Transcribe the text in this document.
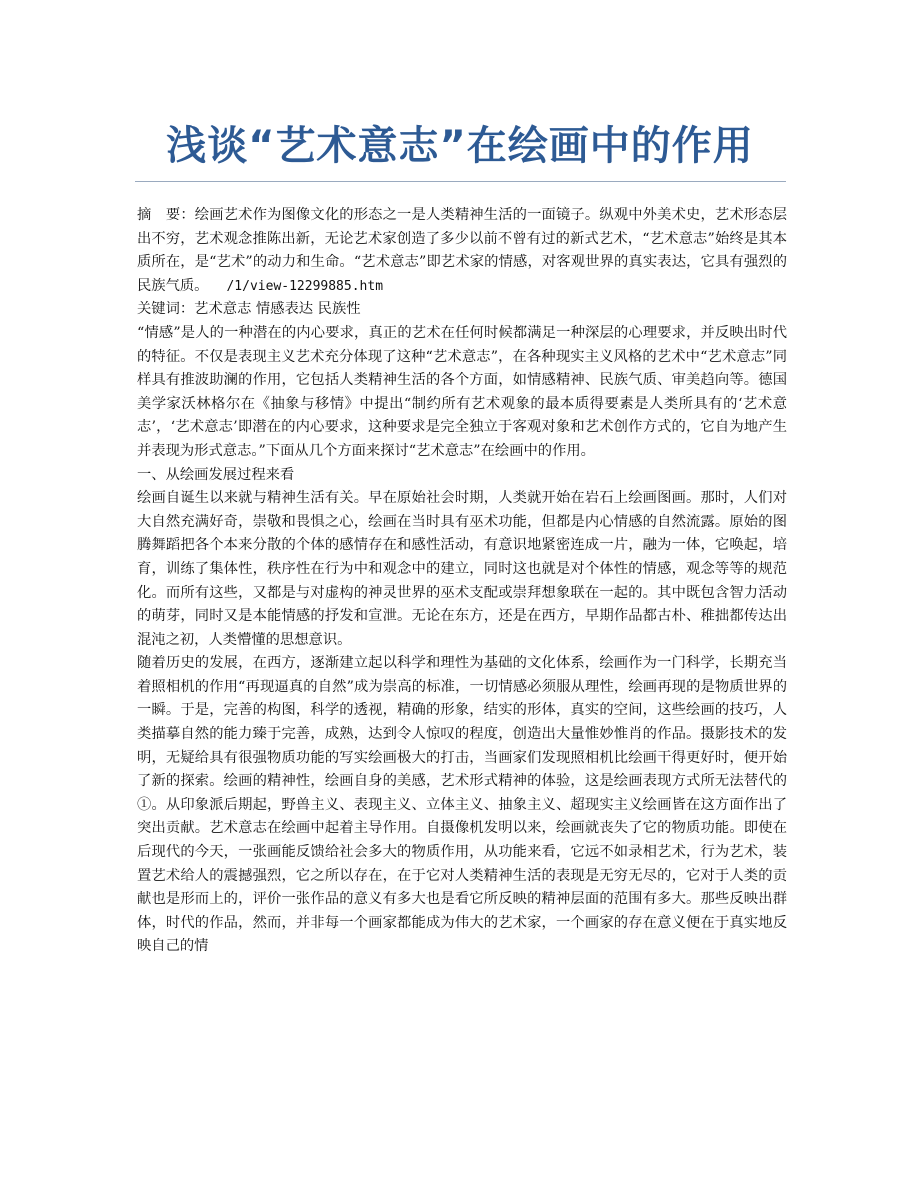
浅谈“艺术意志”在绘画中的作用

摘　要：绘画艺术作为图像文化的形态之一是人类精神生活的一面镜子。纵观中外美术史，艺术形态层出不穷，艺术观念推陈出新，无论艺术家创造了多少以前不曾有过的新式艺术，“艺术意志”始终是其本质所在，是“艺术”的动力和生命。“艺术意志”即艺术家的情感，对客观世界的真实表达，它具有强烈的民族气质。 /1/view-12299885.htm

关键词：艺术意志 情感表达 民族性

“情感”是人的一种潜在的内心要求，真正的艺术在任何时候都满足一种深层的心理要求，并反映出时代的特征。不仅是表现主义艺术充分体现了这种“艺术意志”，在各种现实主义风格的艺术中“艺术意志”同样具有推波助澜的作用，它包括人类精神生活的各个方面，如情感精神、民族气质、审美趋向等。德国美学家沃林格尔在《抽象与移情》中提出“制约所有艺术观象的最本质得要素是人类所具有的‘艺术意志’，‘艺术意志’即潜在的内心要求，这种要求是完全独立于客观对象和艺术创作方式的，它自为地产生并表现为形式意志。”下面从几个方面来探讨“艺术意志”在绘画中的作用。

一、从绘画发展过程来看

绘画自诞生以来就与精神生活有关。早在原始社会时期，人类就开始在岩石上绘画图画。那时，人们对大自然充满好奇，崇敬和畏惧之心，绘画在当时具有巫术功能，但都是内心情感的自然流露。原始的图腾舞蹈把各个本来分散的个体的感情存在和感性活动，有意识地紧密连成一片，融为一体，它唤起，培育，训练了集体性，秩序性在行为中和观念中的建立，同时这也就是对个体性的情感，观念等等的规范化。而所有这些，又都是与对虚构的神灵世界的巫术支配或崇拜想象联在一起的。其中既包含智力活动的萌芽，同时又是本能情感的抒发和宣泄。无论在东方，还是在西方，早期作品都古朴、稚拙都传达出混沌之初，人类懵懂的思想意识。

随着历史的发展，在西方，逐渐建立起以科学和理性为基础的文化体系，绘画作为一门科学，长期充当着照相机的作用“再现逼真的自然”成为崇高的标准，一切情感必须服从理性，绘画再现的是物质世界的一瞬。于是，完善的构图，科学的透视，精确的形象，结实的形体，真实的空间，这些绘画的技巧，人类描摹自然的能力臻于完善，成熟，达到令人惊叹的程度，创造出大量惟妙惟肖的作品。摄影技术的发明，无疑给具有很强物质功能的写实绘画极大的打击，当画家们发现照相机比绘画干得更好时，便开始了新的探索。绘画的精神性，绘画自身的美感，艺术形式精神的体验，这是绘画表现方式所无法替代的①。从印象派后期起，野兽主义、表现主义、立体主义、抽象主义、超现实主义绘画皆在这方面作出了突出贡献。艺术意志在绘画中起着主导作用。自摄像机发明以来，绘画就丧失了它的物质功能。即使在后现代的今天，一张画能反馈给社会多大的物质作用，从功能来看，它远不如录相艺术，行为艺术，装置艺术给人的震撼强烈，它之所以存在，在于它对人类精神生活的表现是无穷无尽的，它对于人类的贡献也是形而上的，评价一张作品的意义有多大也是看它所反映的精神层面的范围有多大。那些反映出群体，时代的作品，然而，并非每一个画家都能成为伟大的艺术家，一个画家的存在意义便在于真实地反映自己的情
